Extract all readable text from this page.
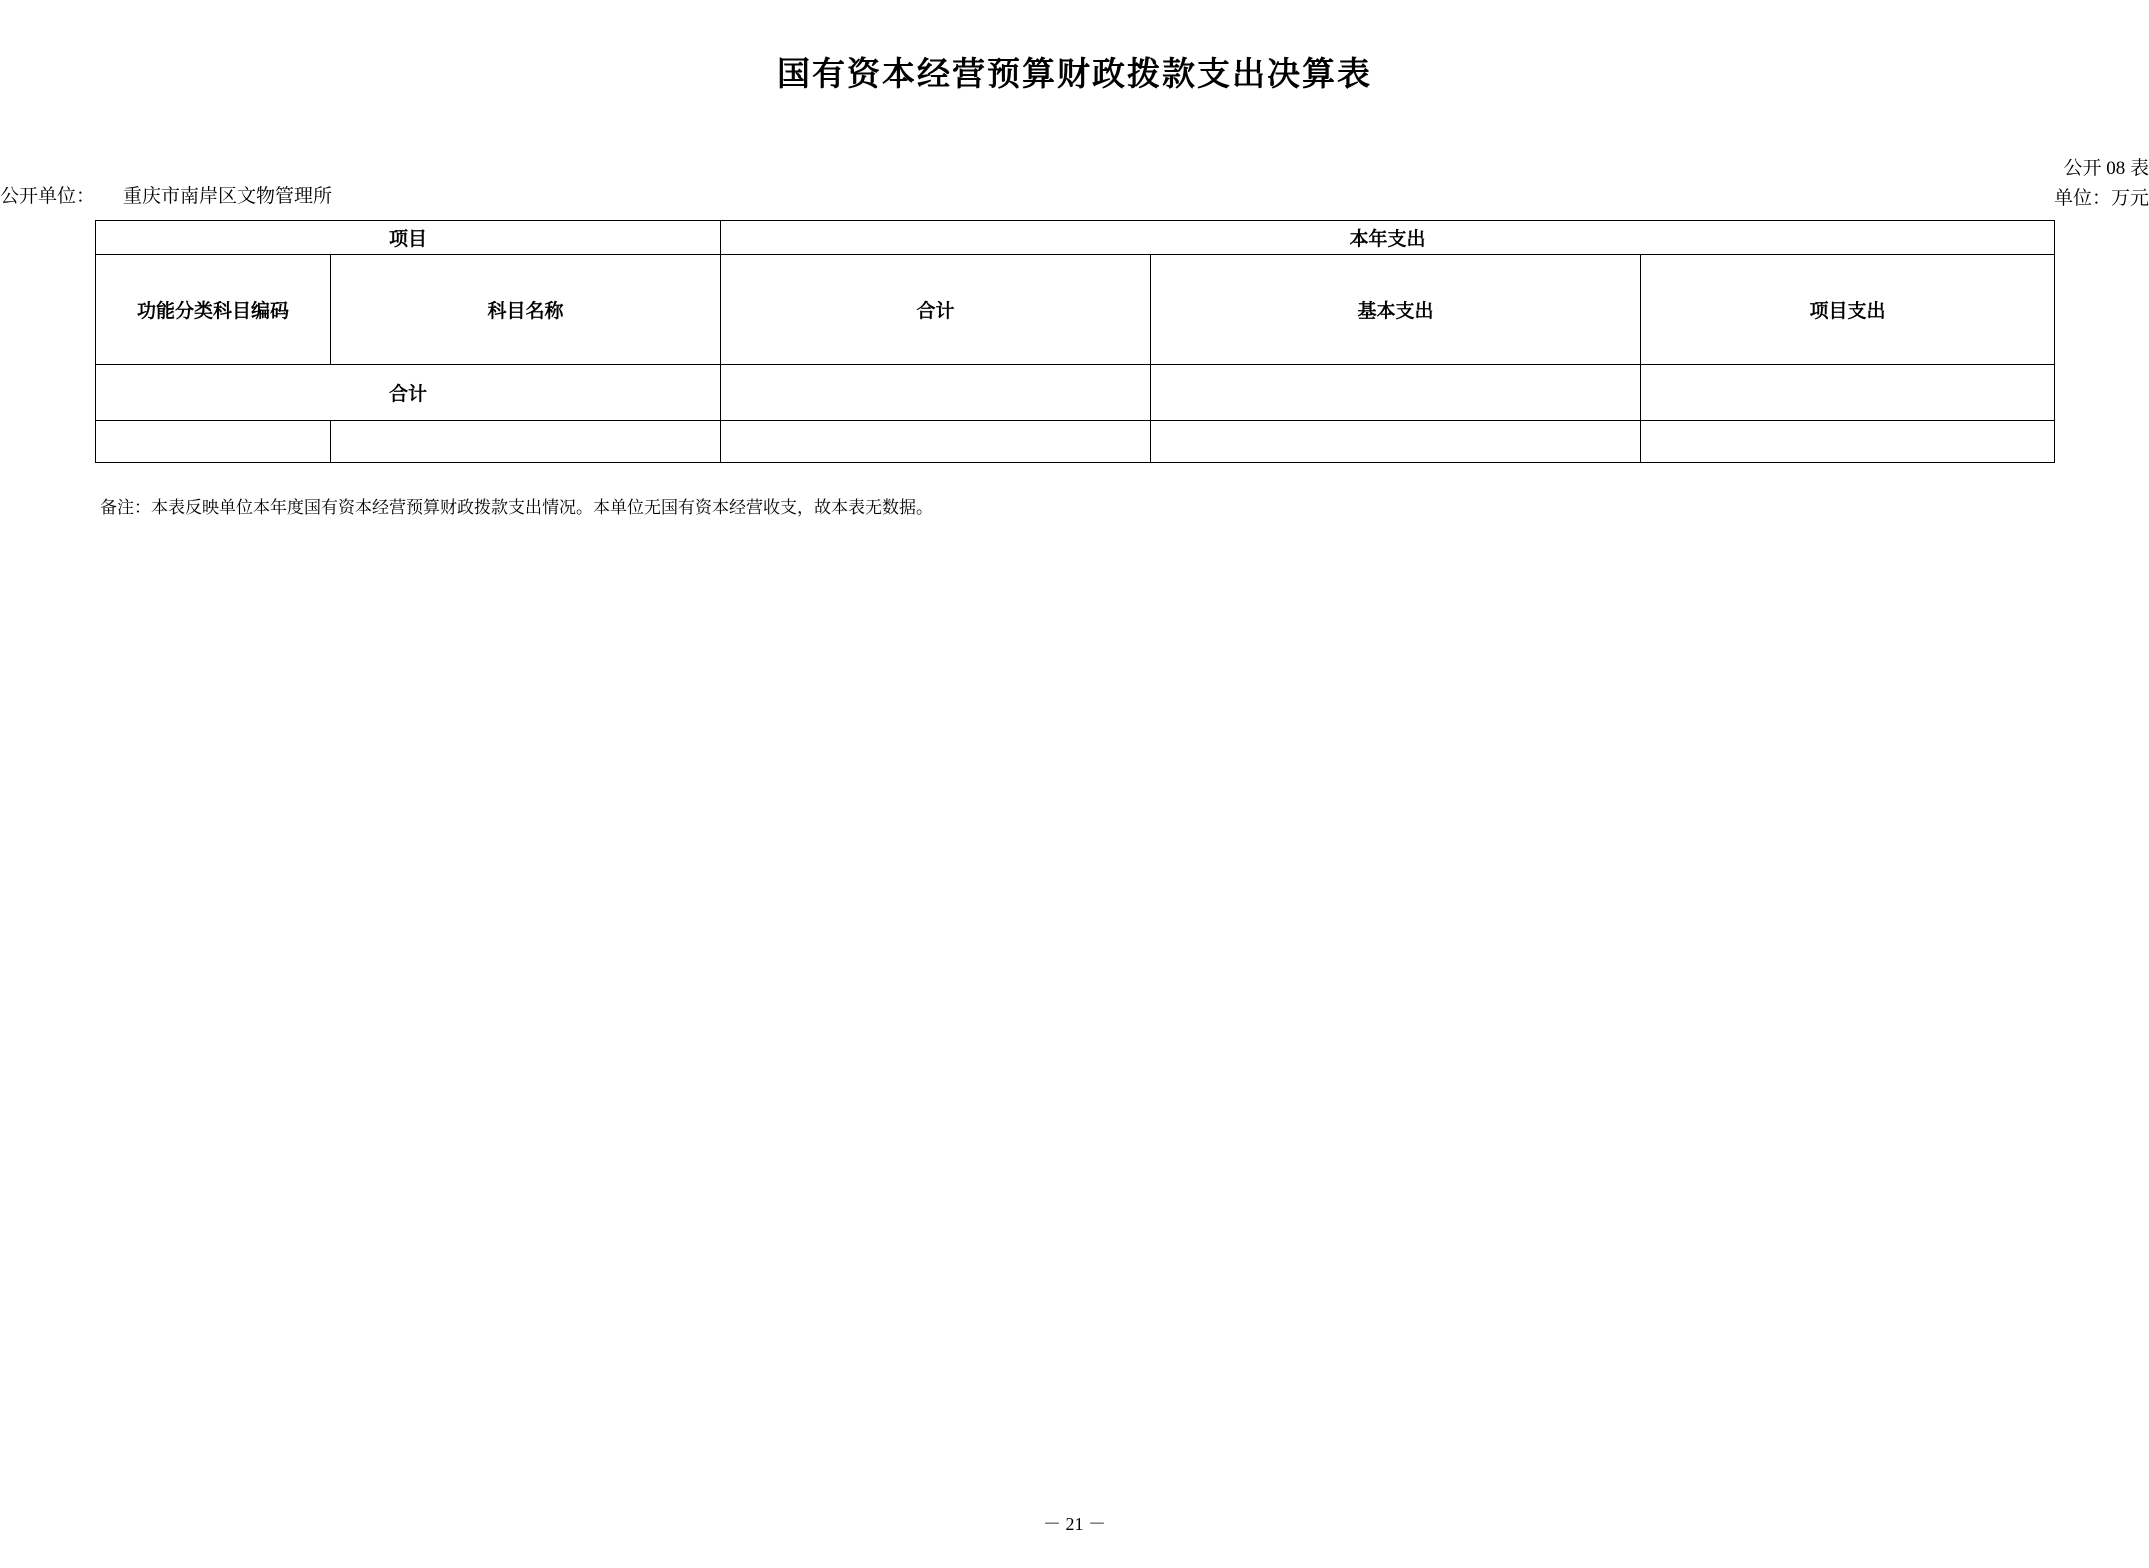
国有资本经营预算财政拨款支出决算表
公开 08 表
单位：万元
公开单位： 重庆市南岸区文物管理所
项目		本年支出		
功能分类科目编码	科目名称	合计	基本支出	项目支出
合计				

备注：本表反映单位本年度国有资本经营预算财政拨款支出情况。本单位无国有资本经营收支，故本表无数据。
－ 21 －
